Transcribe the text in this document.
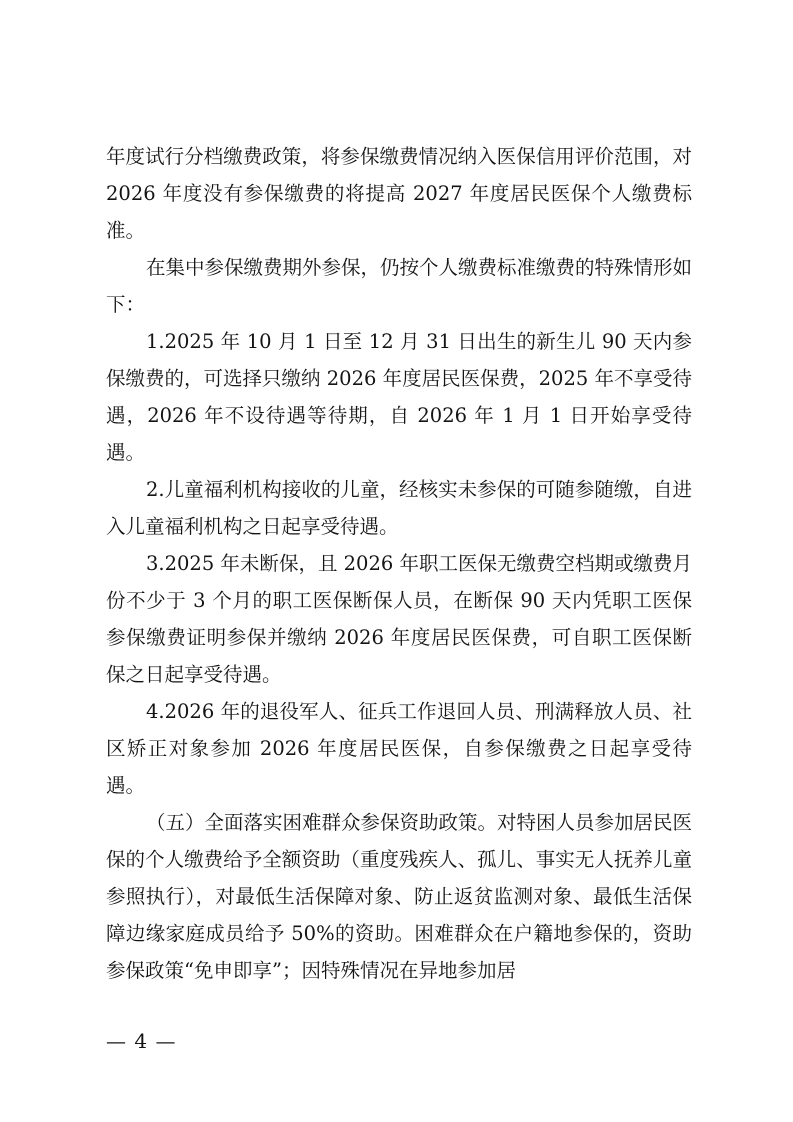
年度试行分档缴费政策，将参保缴费情况纳入医保信用评价范围，对 2026 年度没有参保缴费的将提高 2027 年度居民医保个人缴费标准。

在集中参保缴费期外参保，仍按个人缴费标准缴费的特殊情形如下：

1.2025 年 10 月 1 日至 12 月 31 日出生的新生儿 90 天内参保缴费的，可选择只缴纳 2026 年度居民医保费，2025 年不享受待遇，2026 年不设待遇等待期，自 2026 年 1 月 1 日开始享受待遇。

2.儿童福利机构接收的儿童，经核实未参保的可随参随缴，自进入儿童福利机构之日起享受待遇。

3.2025 年未断保，且 2026 年职工医保无缴费空档期或缴费月份不少于 3 个月的职工医保断保人员，在断保 90 天内凭职工医保参保缴费证明参保并缴纳 2026 年度居民医保费，可自职工医保断保之日起享受待遇。

4.2026 年的退役军人、征兵工作退回人员、刑满释放人员、社区矫正对象参加 2026 年度居民医保，自参保缴费之日起享受待遇。

（五）全面落实困难群众参保资助政策。对特困人员参加居民医保的个人缴费给予全额资助（重度残疾人、孤儿、事实无人抚养儿童参照执行），对最低生活保障对象、防止返贫监测对象、最低生活保障边缘家庭成员给予 50%的资助。困难群众在户籍地参保的，资助参保政策“免申即享”；因特殊情况在异地参加居

— 4 —
